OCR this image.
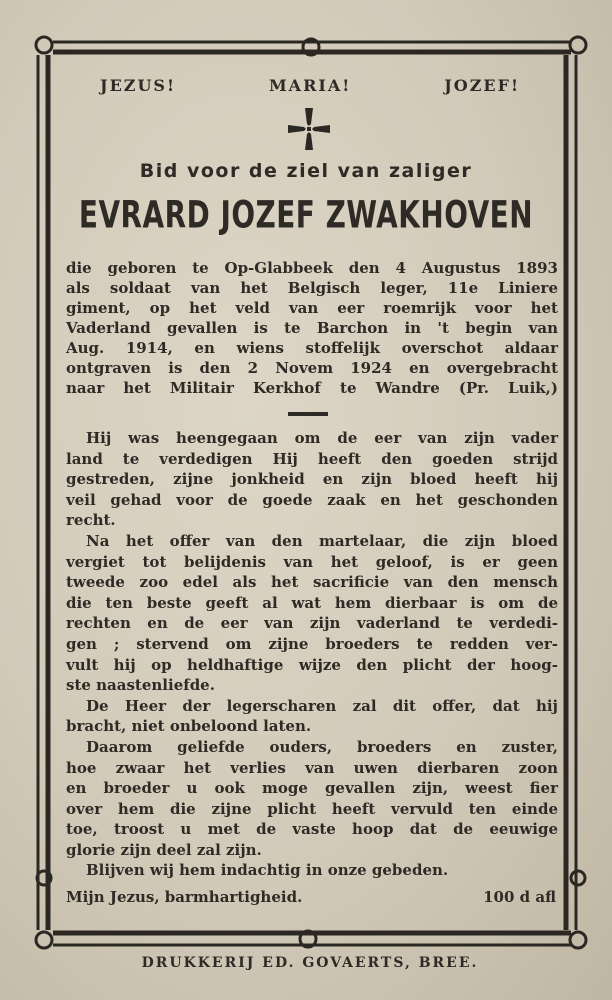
JEZUS!	MARIA!	JOZEF!
Bid voor de ziel van zaliger
EVRARD JOZEF ZWAKHOVEN
die geboren te Op-Glabbeek den 4 Augustus 1893
als soldaat van het Belgisch leger, 11e Liniere
giment, op het veld van eer roemrijk voor het
Vaderland gevallen is te Barchon in 't begin van
Aug. 1914, en wiens stoffelijk overschot aldaar
ontgraven is den 2 Novem 1924 en overgebracht
naar het Militair Kerkhof te Wandre (Pr. Luik,)
Hij was heengegaan om de eer van zijn vader
land te verdedigen Hij heeft den goeden strijd
gestreden, zijne jonkheid en zijn bloed heeft hij
veil gehad voor de goede zaak en het geschonden
recht.
Na het offer van den martelaar, die zijn bloed
vergiet tot belijdenis van het geloof, is er geen
tweede zoo edel als het sacrificie van den mensch
die ten beste geeft al wat hem dierbaar is om de
rechten en de eer van zijn vaderland te verdedi-
gen ; stervend om zijne broeders te redden ver-
vult hij op heldhaftige wijze den plicht der hoog-
ste naastenliefde.
De Heer der legerscharen zal dit offer, dat hij
bracht, niet onbeloond laten.
Daarom geliefde ouders, broeders en zuster,
hoe zwaar het verlies van uwen dierbaren zoon
en broeder u ook moge gevallen zijn, weest fier
over hem die zijne plicht heeft vervuld ten einde
toe, troost u met de vaste hoop dat de eeuwige
glorie zijn deel zal zijn.
Blijven wij hem indachtig in onze gebeden.
Mijn Jezus, barmhartigheid.	100 d afl
DRUKKERIJ ED. GOVAERTS, BREE.
